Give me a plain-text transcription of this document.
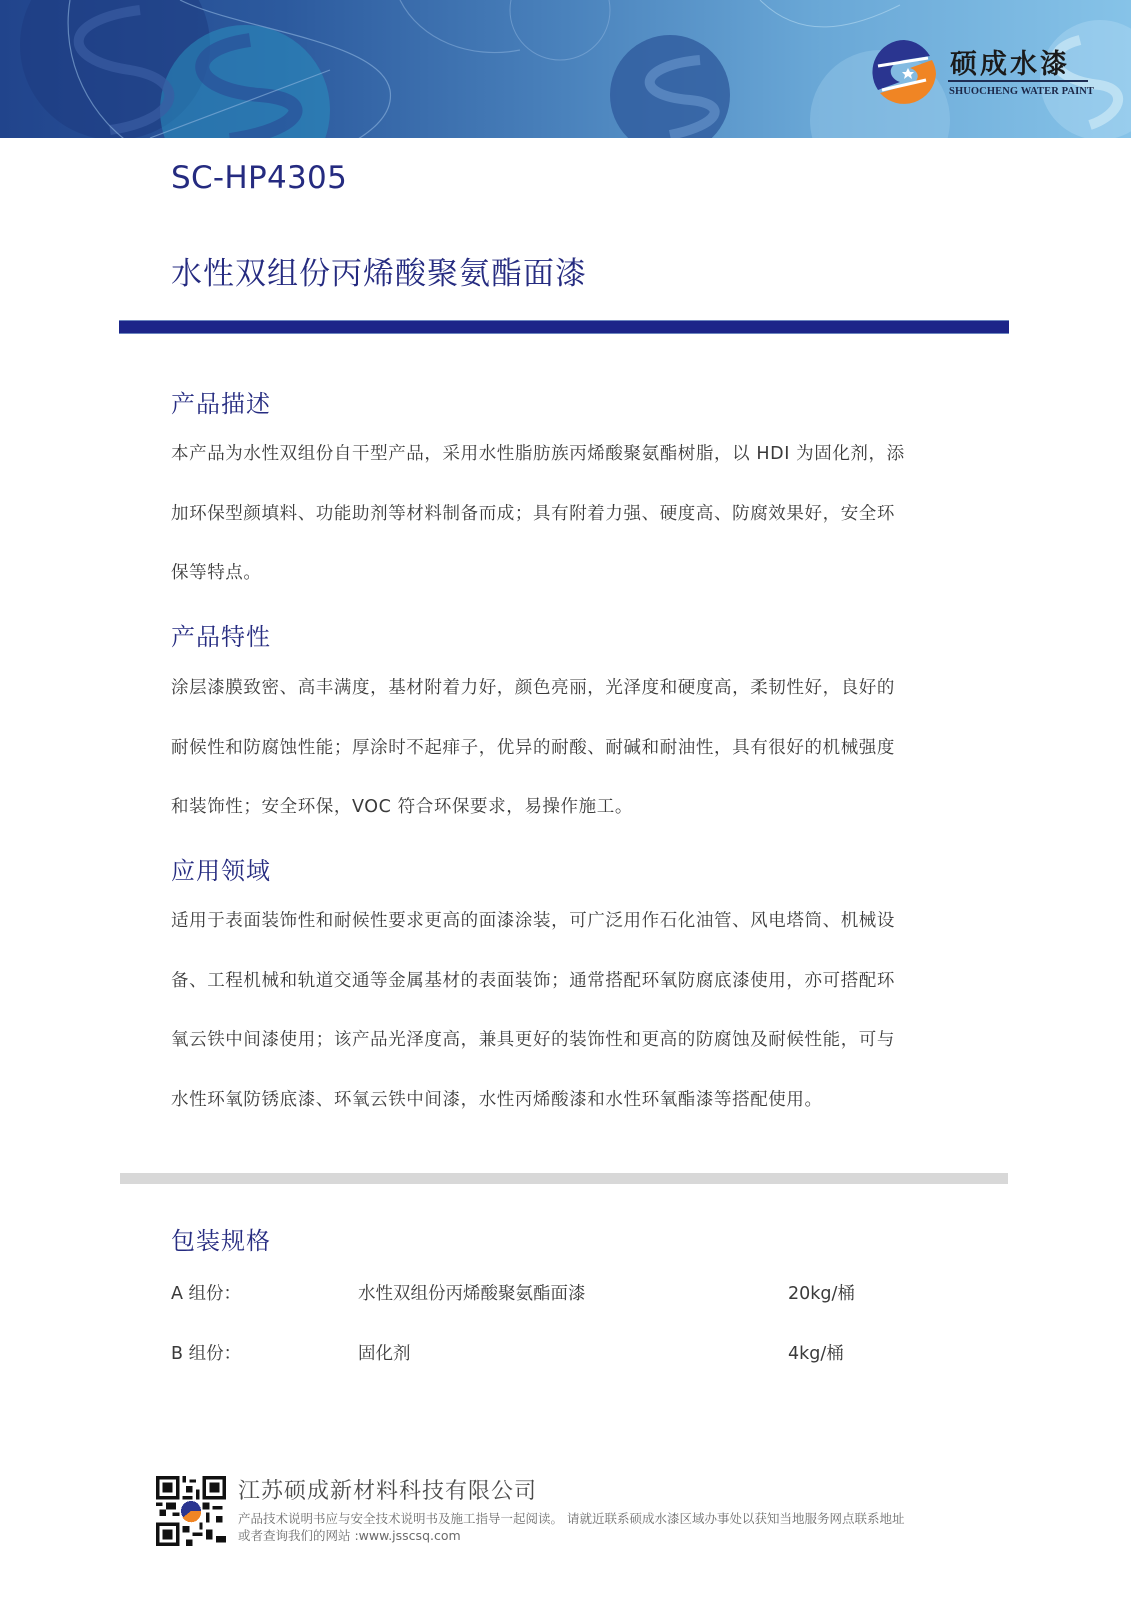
硕成水漆
SHUOCHENG WATER PAINT
SC-HP4305
水性双组份丙烯酸聚氨酯面漆
产品描述
本产品为水性双组份自干型产品，采用水性脂肪族丙烯酸聚氨酯树脂，以 HDI 为固化剂，添
加环保型颜填料、功能助剂等材料制备而成；具有附着力强、硬度高、防腐效果好，安全环
保等特点。
产品特性
涂层漆膜致密、高丰满度，基材附着力好，颜色亮丽，光泽度和硬度高，柔韧性好，良好的
耐候性和防腐蚀性能；厚涂时不起痱子，优异的耐酸、耐碱和耐油性，具有很好的机械强度
和装饰性；安全环保，VOC 符合环保要求，易操作施工。
应用领域
适用于表面装饰性和耐候性要求更高的面漆涂装，可广泛用作石化油管、风电塔筒、机械设
备、工程机械和轨道交通等金属基材的表面装饰；通常搭配环氧防腐底漆使用，亦可搭配环
氧云铁中间漆使用；该产品光泽度高，兼具更好的装饰性和更高的防腐蚀及耐候性能，可与
水性环氧防锈底漆、环氧云铁中间漆，水性丙烯酸漆和水性环氧酯漆等搭配使用。
包装规格
A 组份：	水性双组份丙烯酸聚氨酯面漆	20kg/桶
B 组份：	固化剂	4kg/桶
江苏硕成新材料科技有限公司
产品技术说明书应与安全技术说明书及施工指导一起阅读。 请就近联系硕成水漆区域办事处以获知当地服务网点联系地址
或者查询我们的网站 :www.jsscsq.com
